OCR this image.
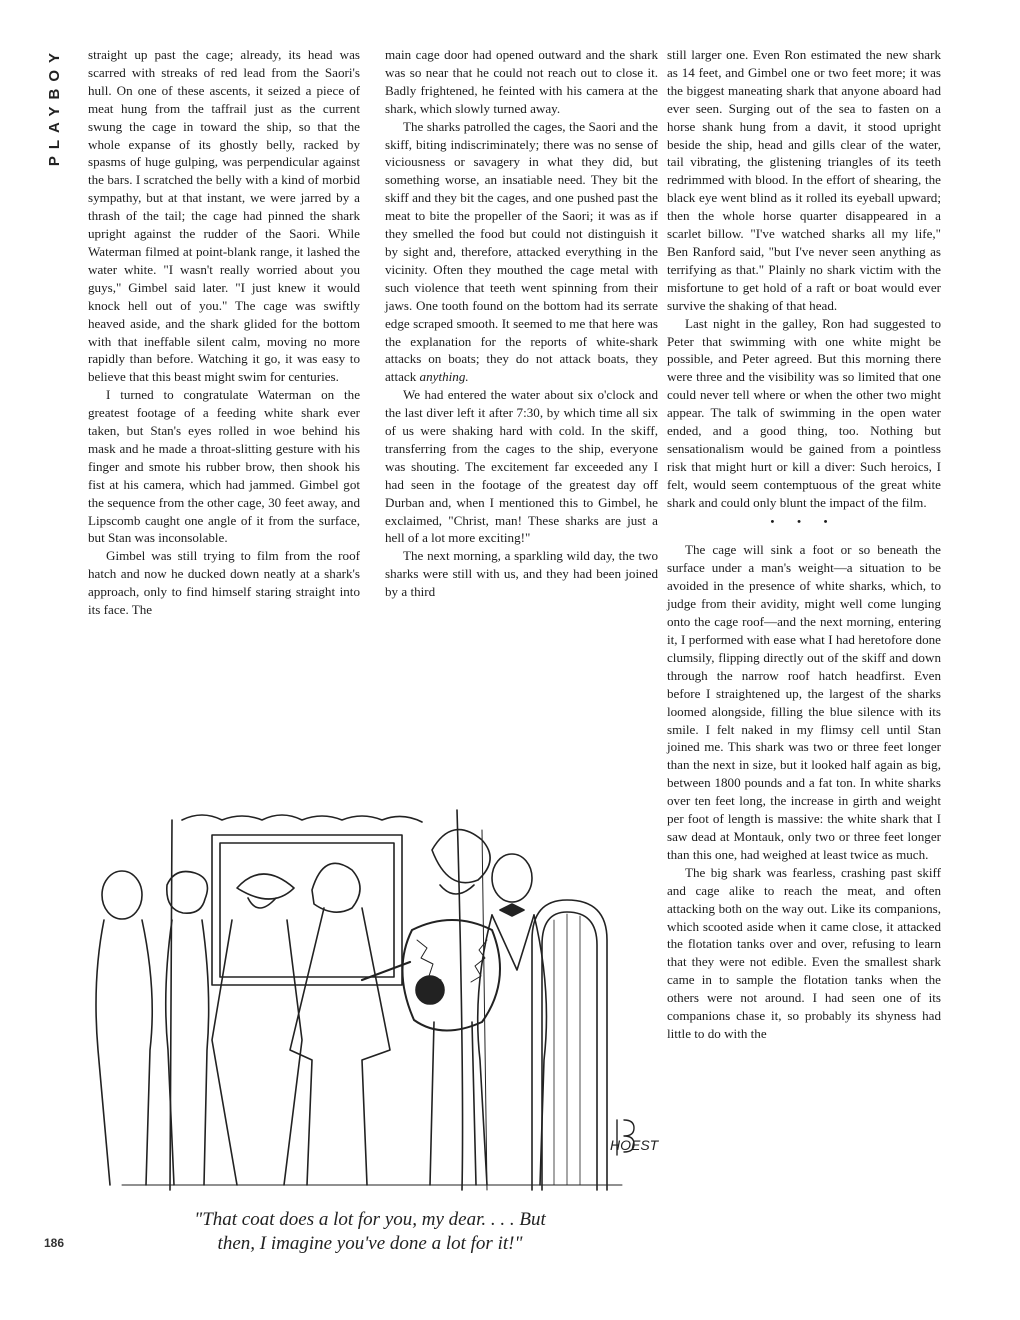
PLAYBOY straight up past the cage; already, its head was scarred with streaks of red lead from the Saori's hull. On one of these ascents, it seized a piece of meat hung from the taffrail just as the current swung the cage in toward the ship, so that the whole expanse of its ghostly belly, racked by spasms of huge gulping, was perpendicular against the bars. I scratched the belly with a kind of morbid sympathy, but at that instant, we were jarred by a thrash of the tail; the cage had pinned the shark upright against the rudder of the Saori. While Waterman filmed at point-blank range, it lashed the water white. "I wasn't really worried about you guys," Gimbel said later. "I just knew it would knock hell out of you." The cage was swiftly heaved aside, and the shark glided for the bottom with that ineffable silent calm, moving no more rapidly than before. Watching it go, it was easy to believe that this beast might swim for centuries.

I turned to congratulate Waterman on the greatest footage of a feeding white shark ever taken, but Stan's eyes rolled in woe behind his mask and he made a throat-slitting gesture with his finger and smote his rubber brow, then shook his fist at his camera, which had jammed. Gimbel got the sequence from the other cage, 30 feet away, and Lipscomb caught one angle of it from the surface, but Stan was inconsolable.

Gimbel was still trying to film from the roof hatch and now he ducked down neatly at a shark's approach, only to find himself staring straight into its face. The

main cage door had opened outward and the shark was so near that he could not reach out to close it. Badly frightened, he feinted with his camera at the shark, which slowly turned away.

The sharks patrolled the cages, the Saori and the skiff, biting indiscriminately; there was no sense of viciousness or savagery in what they did, but something worse, an insatiable need. They bit the skiff and they bit the cages, and one pushed past the meat to bite the propeller of the Saori; it was as if they smelled the food but could not distinguish it by sight and, therefore, attacked everything in the vicinity. Often they mouthed the cage metal with such violence that teeth went spinning from their jaws. One tooth found on the bottom had its serrate edge scraped smooth. It seemed to me that here was the explanation for the reports of white-shark attacks on boats; they do not attack boats, they attack anything.

We had entered the water about six o'clock and the last diver left it after 7:30, by which time all six of us were shaking hard with cold. In the skiff, transferring from the cages to the ship, everyone was shouting. The excitement far exceeded any I had seen in the footage of the greatest day off Durban and, when I mentioned this to Gimbel, he exclaimed, "Christ, man! These sharks are just a hell of a lot more exciting!"

The next morning, a sparkling wild day, the two sharks were still with us, and they had been joined by a third

still larger one. Even Ron estimated the new shark as 14 feet, and Gimbel one or two feet more; it was the biggest maneating shark that anyone aboard had ever seen. Surging out of the sea to fasten on a horse shank hung from a davit, it stood upright beside the ship, head and gills clear of the water, tail vibrating, the glistening triangles of its teeth redrimmed with blood. In the effort of shearing, the black eye went blind as it rolled its eyeball upward; then the whole horse quarter disappeared in a scarlet billow. "I've watched sharks all my life," Ben Ranford said, "but I've never seen anything as terrifying as that." Plainly no shark victim with the misfortune to get hold of a raft or boat would ever survive the shaking of that head.

Last night in the galley, Ron had suggested to Peter that swimming with one white might be possible, and Peter agreed. But this morning there were three and the visibility was so limited that one could never tell where or when the other two might appear. The talk of swimming in the open water ended, and a good thing, too. Nothing but sensationalism would be gained from a pointless risk that might hurt or kill a diver: Such heroics, I felt, would seem contemptuous of the great white shark and could only blunt the impact of the film.

• • •

The cage will sink a foot or so beneath the surface under a man's weight—a situation to be avoided in the presence of white sharks, which, to judge from their avidity, might well come lunging onto the cage roof—and the next morning, entering it, I performed with ease what I had heretofore done clumsily, flipping directly out of the skiff and down through the narrow roof hatch headfirst. Even before I straightened up, the largest of the sharks loomed alongside, filling the blue silence with its smile. I felt naked in my flimsy cell until Stan joined me. This shark was two or three feet longer than the next in size, but it looked half again as big, between 1800 pounds and a fat ton. In white sharks over ten feet long, the increase in girth and weight per foot of length is massive: the white shark that I saw dead at Montauk, only two or three feet longer than this one, had weighed at least twice as much.

The big shark was fearless, crashing past skiff and cage alike to reach the meat, and often attacking both on the way out. Like its companions, which scooted aside when it came close, it attacked the flotation tanks over and over, refusing to learn that they were not edible. Even the smallest shark came in to sample the flotation tanks when the others were not around. I had seen one of its companions chase it, so probably its shyness had little to do with the

HOEST
"That coat does a lot for you, my dear. . . . But
then, I imagine you've done a lot for it!"
186
